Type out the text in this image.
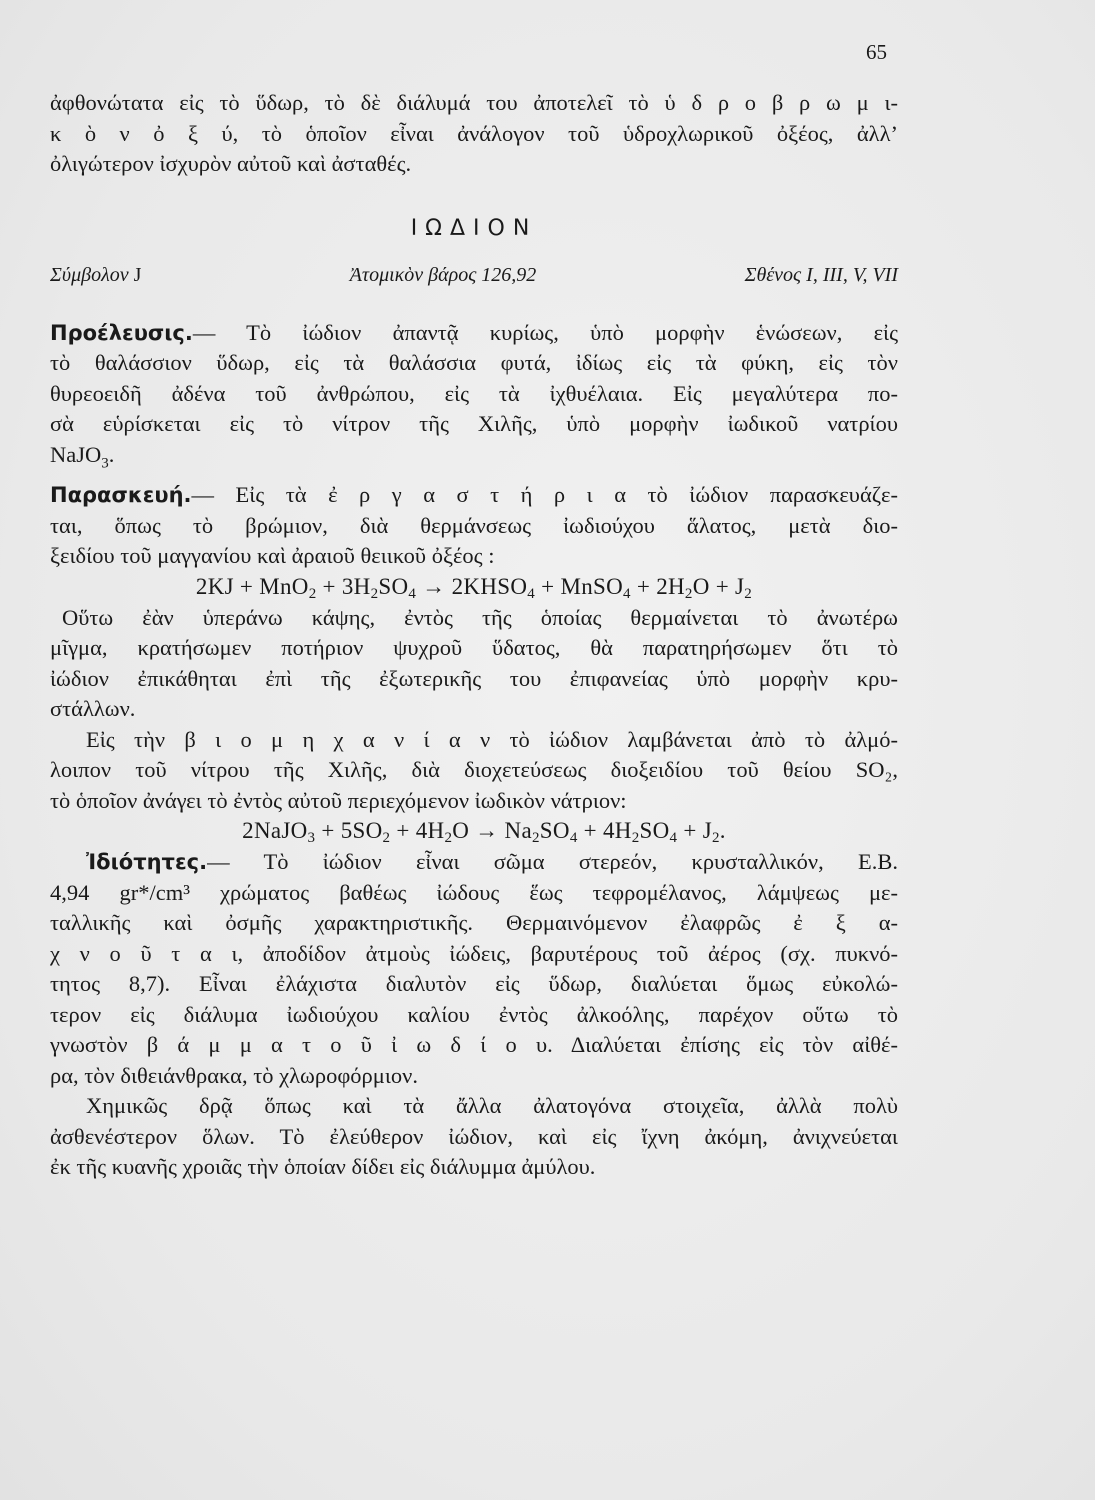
65
ἀφθονώτατα εἰς τὸ ὕδωρ, τὸ δὲ διάλυμά του ἀποτελεῖ τὸ ὑ δ ρ ο β ρ ω μ ι-
κ ὸ ν ὀ ξ ύ, τὸ ὁποῖον εἶναι ἀνάλογον τοῦ ὑδροχλωρικοῦ ὀξέος, ἀλλ’
ὀλιγώτερον ἰσχυρὸν αὐτοῦ καὶ ἀσταθές.
ΙΩΔΙΟΝ
Σύμβολον J	Ἀτομικὸν βάρος 126,92	Σθένος I, III, V, VII
Προέλευσις.— Τὸ ἰώδιον ἀπαντᾷ κυρίως, ὑπὸ μορφὴν ἑνώσεων, εἰς
τὸ θαλάσσιον ὕδωρ, εἰς τὰ θαλάσσια φυτά, ἰδίως εἰς τὰ φύκη, εἰς τὸν
θυρεοειδῆ ἀδένα τοῦ ἀνθρώπου, εἰς τὰ ἰχθυέλαια. Εἰς μεγαλύτερα πο-
σὰ εὑρίσκεται εἰς τὸ νίτρον τῆς Χιλῆς, ὑπὸ μορφὴν ἰωδικοῦ νατρίου
NaJO$_3$.
Παρασκευή.— Εἰς τὰ ἐ ρ γ α σ τ ή ρ ι α τὸ ἰώδιον παρασκευάζε-
ται, ὅπως τὸ βρώμιον, διὰ θερμάνσεως ἰωδιούχου ἅλατος, μετὰ διο-
ξειδίου τοῦ μαγγανίου καὶ ἀραιοῦ θειικοῦ ὀξέος :
$2KJ + MnO_2 + 3H_2SO_4$ → $2KHSO_4$ + MnSO$_4$ + $2H_2O + J_2$
Οὕτω ἐὰν ὑπεράνω κάψης, ἐντὸς τῆς ὁποίας θερμαίνεται τὸ ἀνωτέρω
μῖγμα, κρατήσωμεν ποτήριον ψυχροῦ ὕδατος, θὰ παρατηρήσωμεν ὅτι τὸ
ἰώδιον ἐπικάθηται ἐπὶ τῆς ἐξωτερικῆς του ἐπιφανείας ὑπὸ μορφὴν κρυ-
στάλλων.
Εἰς τὴν β ι ο μ η χ α ν ί α ν τὸ ἰώδιον λαμβάνεται ἀπὸ τὸ ἀλμό-
λοιπον τοῦ νίτρου τῆς Χιλῆς, διὰ διοχετεύσεως διοξειδίου τοῦ θείου SO₂,
τὸ ὁποῖον ἀνάγει τὸ ἐντὸς αὐτοῦ περιεχόμενον ἰωδικὸν νάτριον:
2NaJO$_3$ + $5SO_2 + 4H_2O \to Na_2SO_4 + 4H_2SO_4 + J_2$.
Ἰδιότητες.— Τὸ ἰώδιον εἶναι σῶμα στερεόν, κρυσταλλικόν, Ε.Β.
4,94 gr*/cm³ χρώματος βαθέως ἰώδους ἕως τεφρομέλανος, λάμψεως με-
ταλλικῆς καὶ ὀσμῆς χαρακτηριστικῆς. Θερμαινόμενον ἐλαφρῶς ἐ ξ α-
χ ν ο ῦ τ α ι, ἀποδίδον ἀτμοὺς ἰώδεις, βαρυτέρους τοῦ ἀέρος (σχ. πυκνό-
τητος 8,7). Εἶναι ἐλάχιστα διαλυτὸν εἰς ὕδωρ, διαλύεται ὅμως εὐκολώ-
τερον εἰς διάλυμα ἰωδιούχου καλίου ἐντὸς ἀλκοόλης, παρέχον οὕτω τὸ
γνωστὸν β ά μ μ α τ ο ῦ ἰ ω δ ί ο υ. Διαλύεται ἐπίσης εἰς τὸν αἰθέ-
ρα, τὸν διθειάνθρακα, τὸ χλωροφόρμιον.
Χημικῶς δρᾷ ὅπως καὶ τὰ ἄλλα ἀλατογόνα στοιχεῖα, ἀλλὰ πολὺ
ἀσθενέστερον ὅλων. Τὸ ἐλεύθερον ἰώδιον, καὶ εἰς ἴχνη ἀκόμη, ἀνιχνεύεται
ἐκ τῆς κυανῆς χροιᾶς τὴν ὁποίαν δίδει εἰς διάλυμμα ἀμύλου.
